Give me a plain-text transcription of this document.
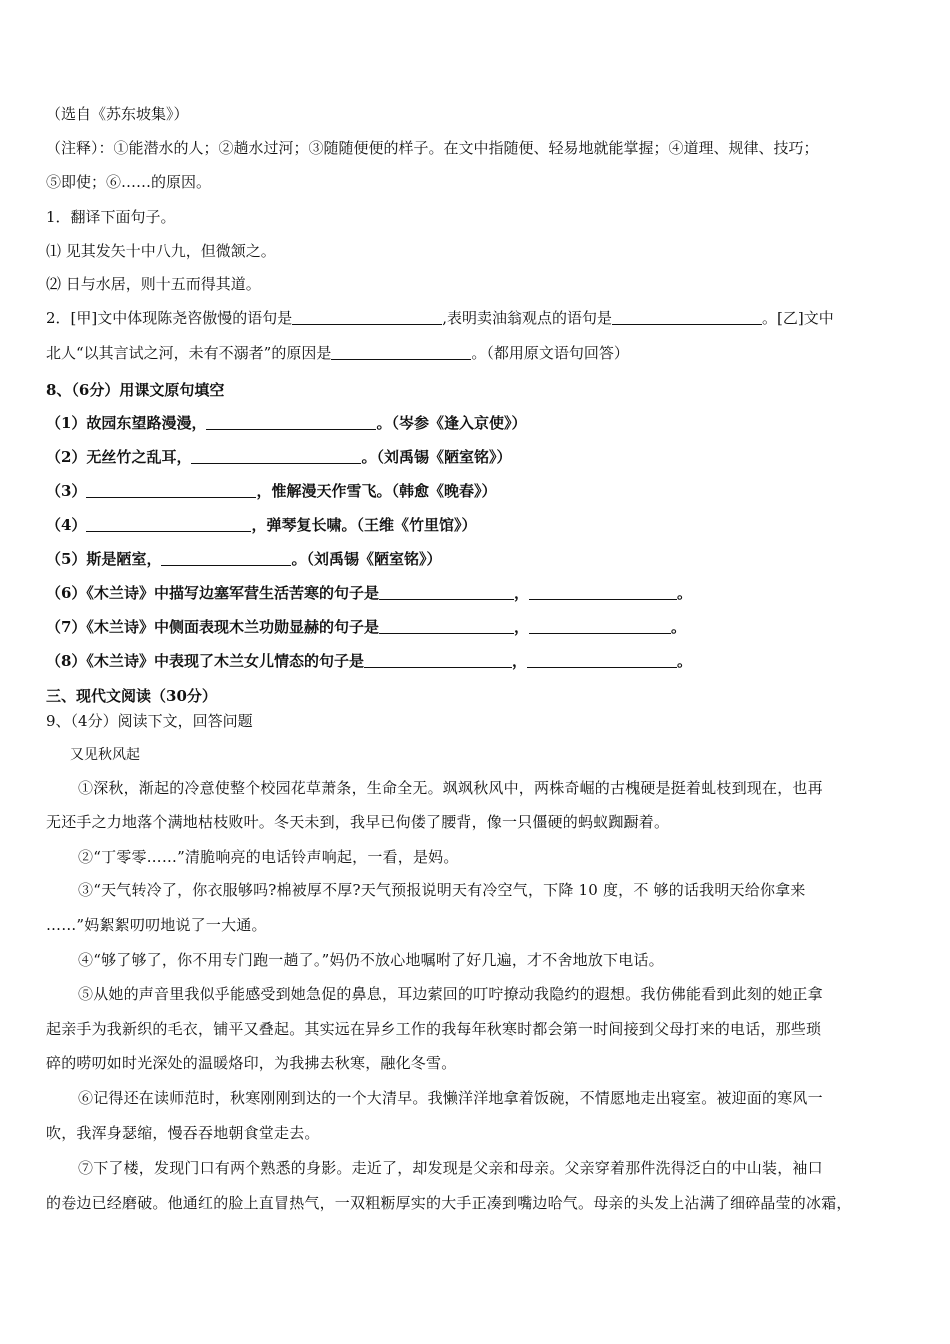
（选自《苏东坡集》）
（注释）：①能潜水的人；②趟水过河；③随随便便的样子。在文中指随便、轻易地就能掌握；④道理、规律、技巧；
⑤即使；⑥……的原因。
1．翻译下面句子。
⑴ 见其发矢十中八九，但微颔之。
⑵ 日与水居，则十五而得其道。
2．[甲]文中体现陈尧咨傲慢的语句是	,表明卖油翁观点的语句是	。[乙]文中
北人“以其言试之河，未有不溺者”的原因是	。（都用原文语句回答）
8、（6分）用课文原句填空
（1）故园东望路漫漫，	。（岑参《逢入京使》）
（2）无丝竹之乱耳，	。（刘禹锡《陋室铭》）
（3）	，惟解漫天作雪飞。（韩愈《晚春》）
（4）	，弹琴复长啸。（王维《竹里馆》）
（5）斯是陋室，	。（刘禹锡《陋室铭》）
（6）《木兰诗》中描写边塞军营生活苦寒的句子是	，	。
（7）《木兰诗》中侧面表现木兰功勋显赫的句子是	，	。
（8）《木兰诗》中表现了木兰女儿情态的句子是	，	。
三、现代文阅读（30分）
9、（4分）阅读下文，回答问题
又见秋风起
①深秋，渐起的冷意使整个校园花草萧条，生命全无。飒飒秋风中，两株奇崛的古槐硬是挺着虬枝到现在，也再
无还手之力地落个满地枯枝败叶。冬天未到，我早已佝偻了腰背，像一只僵硬的蚂蚁踟蹰着。
②“丁零零……”清脆响亮的电话铃声响起，一看，是妈。
③“天气转冷了，你衣服够吗?棉被厚不厚?天气预报说明天有冷空气，下降 10 度，不 够的话我明天给你拿来
……”妈絮絮叨叨地说了一大通。
④“够了够了，你不用专门跑一趟了。”妈仍不放心地嘱咐了好几遍，才不舍地放下电话。
⑤从她的声音里我似乎能感受到她急促的鼻息，耳边萦回的叮咛撩动我隐约的遐想。我仿佛能看到此刻的她正拿
起亲手为我新织的毛衣，铺平又叠起。其实远在异乡工作的我每年秋寒时都会第一时间接到父母打来的电话，那些琐
碎的唠叨如时光深处的温暖烙印，为我拂去秋寒，融化冬雪。
⑥记得还在读师范时，秋寒刚刚到达的一个大清早。我懒洋洋地拿着饭碗，不情愿地走出寝室。被迎面的寒风一
吹，我浑身瑟缩，慢吞吞地朝食堂走去。
⑦下了楼，发现门口有两个熟悉的身影。走近了，却发现是父亲和母亲。父亲穿着那件洗得泛白的中山装，袖口
的卷边已经磨破。他通红的脸上直冒热气，一双粗粝厚实的大手正凑到嘴边哈气。母亲的头发上沾满了细碎晶莹的冰霜，
